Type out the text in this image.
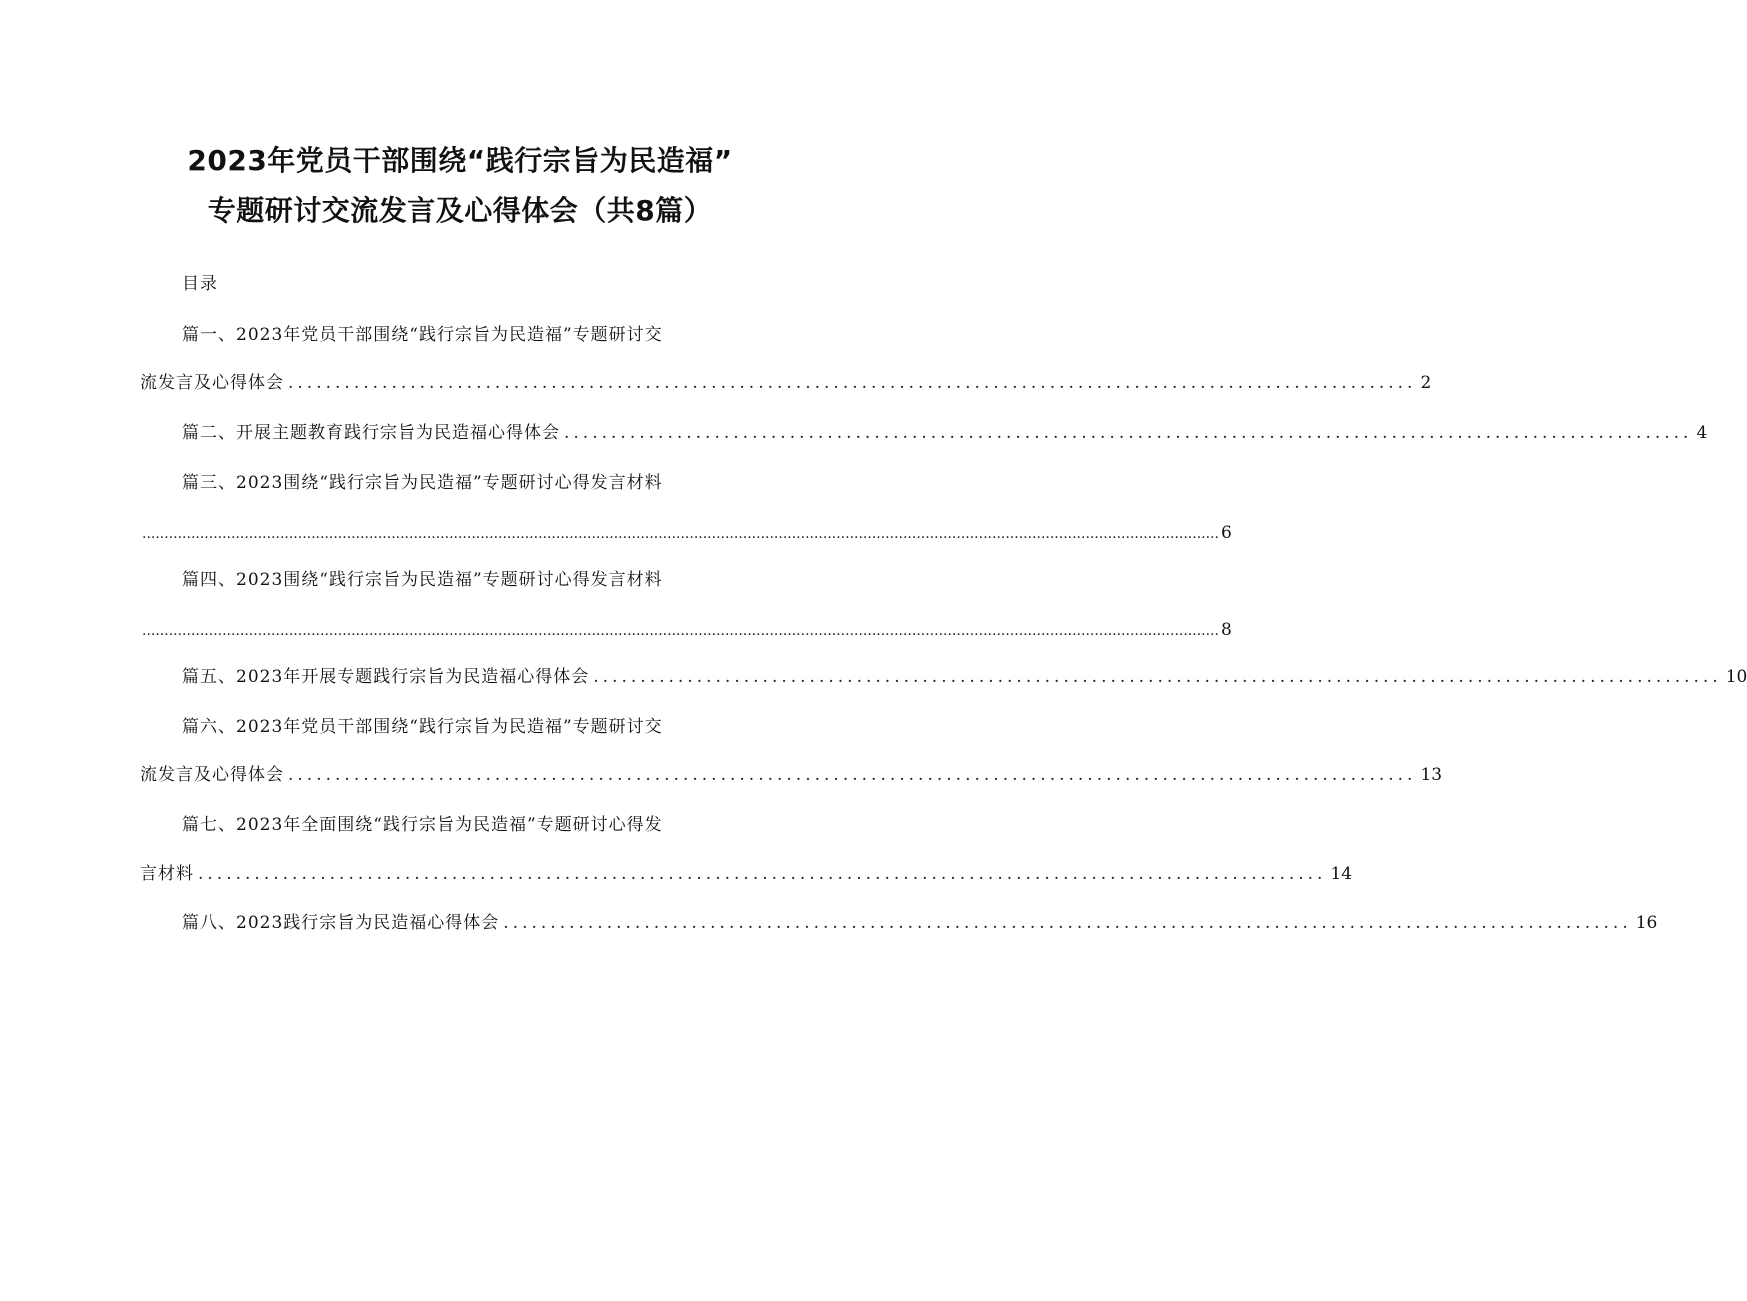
2023年党员干部围绕“践行宗旨为民造福”
专题研讨交流发言及心得体会（共8篇）
目录
篇一、2023年党员干部围绕“践行宗旨为民造福”专题研讨交
流发言及心得体会 ........................................................................................................................ 2
篇二、开展主题教育践行宗旨为民造福心得体会 ........................................................................................................................ 4
篇三、2023围绕“践行宗旨为民造福”专题研讨心得发言材料
.................................................................................................................................................................................................................................................. 6
篇四、2023围绕“践行宗旨为民造福”专题研讨心得发言材料
.................................................................................................................................................................................................................................................. 8
篇五、2023年开展专题践行宗旨为民造福心得体会 ........................................................................................................................ 10
篇六、2023年党员干部围绕“践行宗旨为民造福”专题研讨交
流发言及心得体会 ........................................................................................................................ 13
篇七、2023年全面围绕“践行宗旨为民造福”专题研讨心得发
言材料 ........................................................................................................................ 14
篇八、2023践行宗旨为民造福心得体会 ........................................................................................................................ 16
